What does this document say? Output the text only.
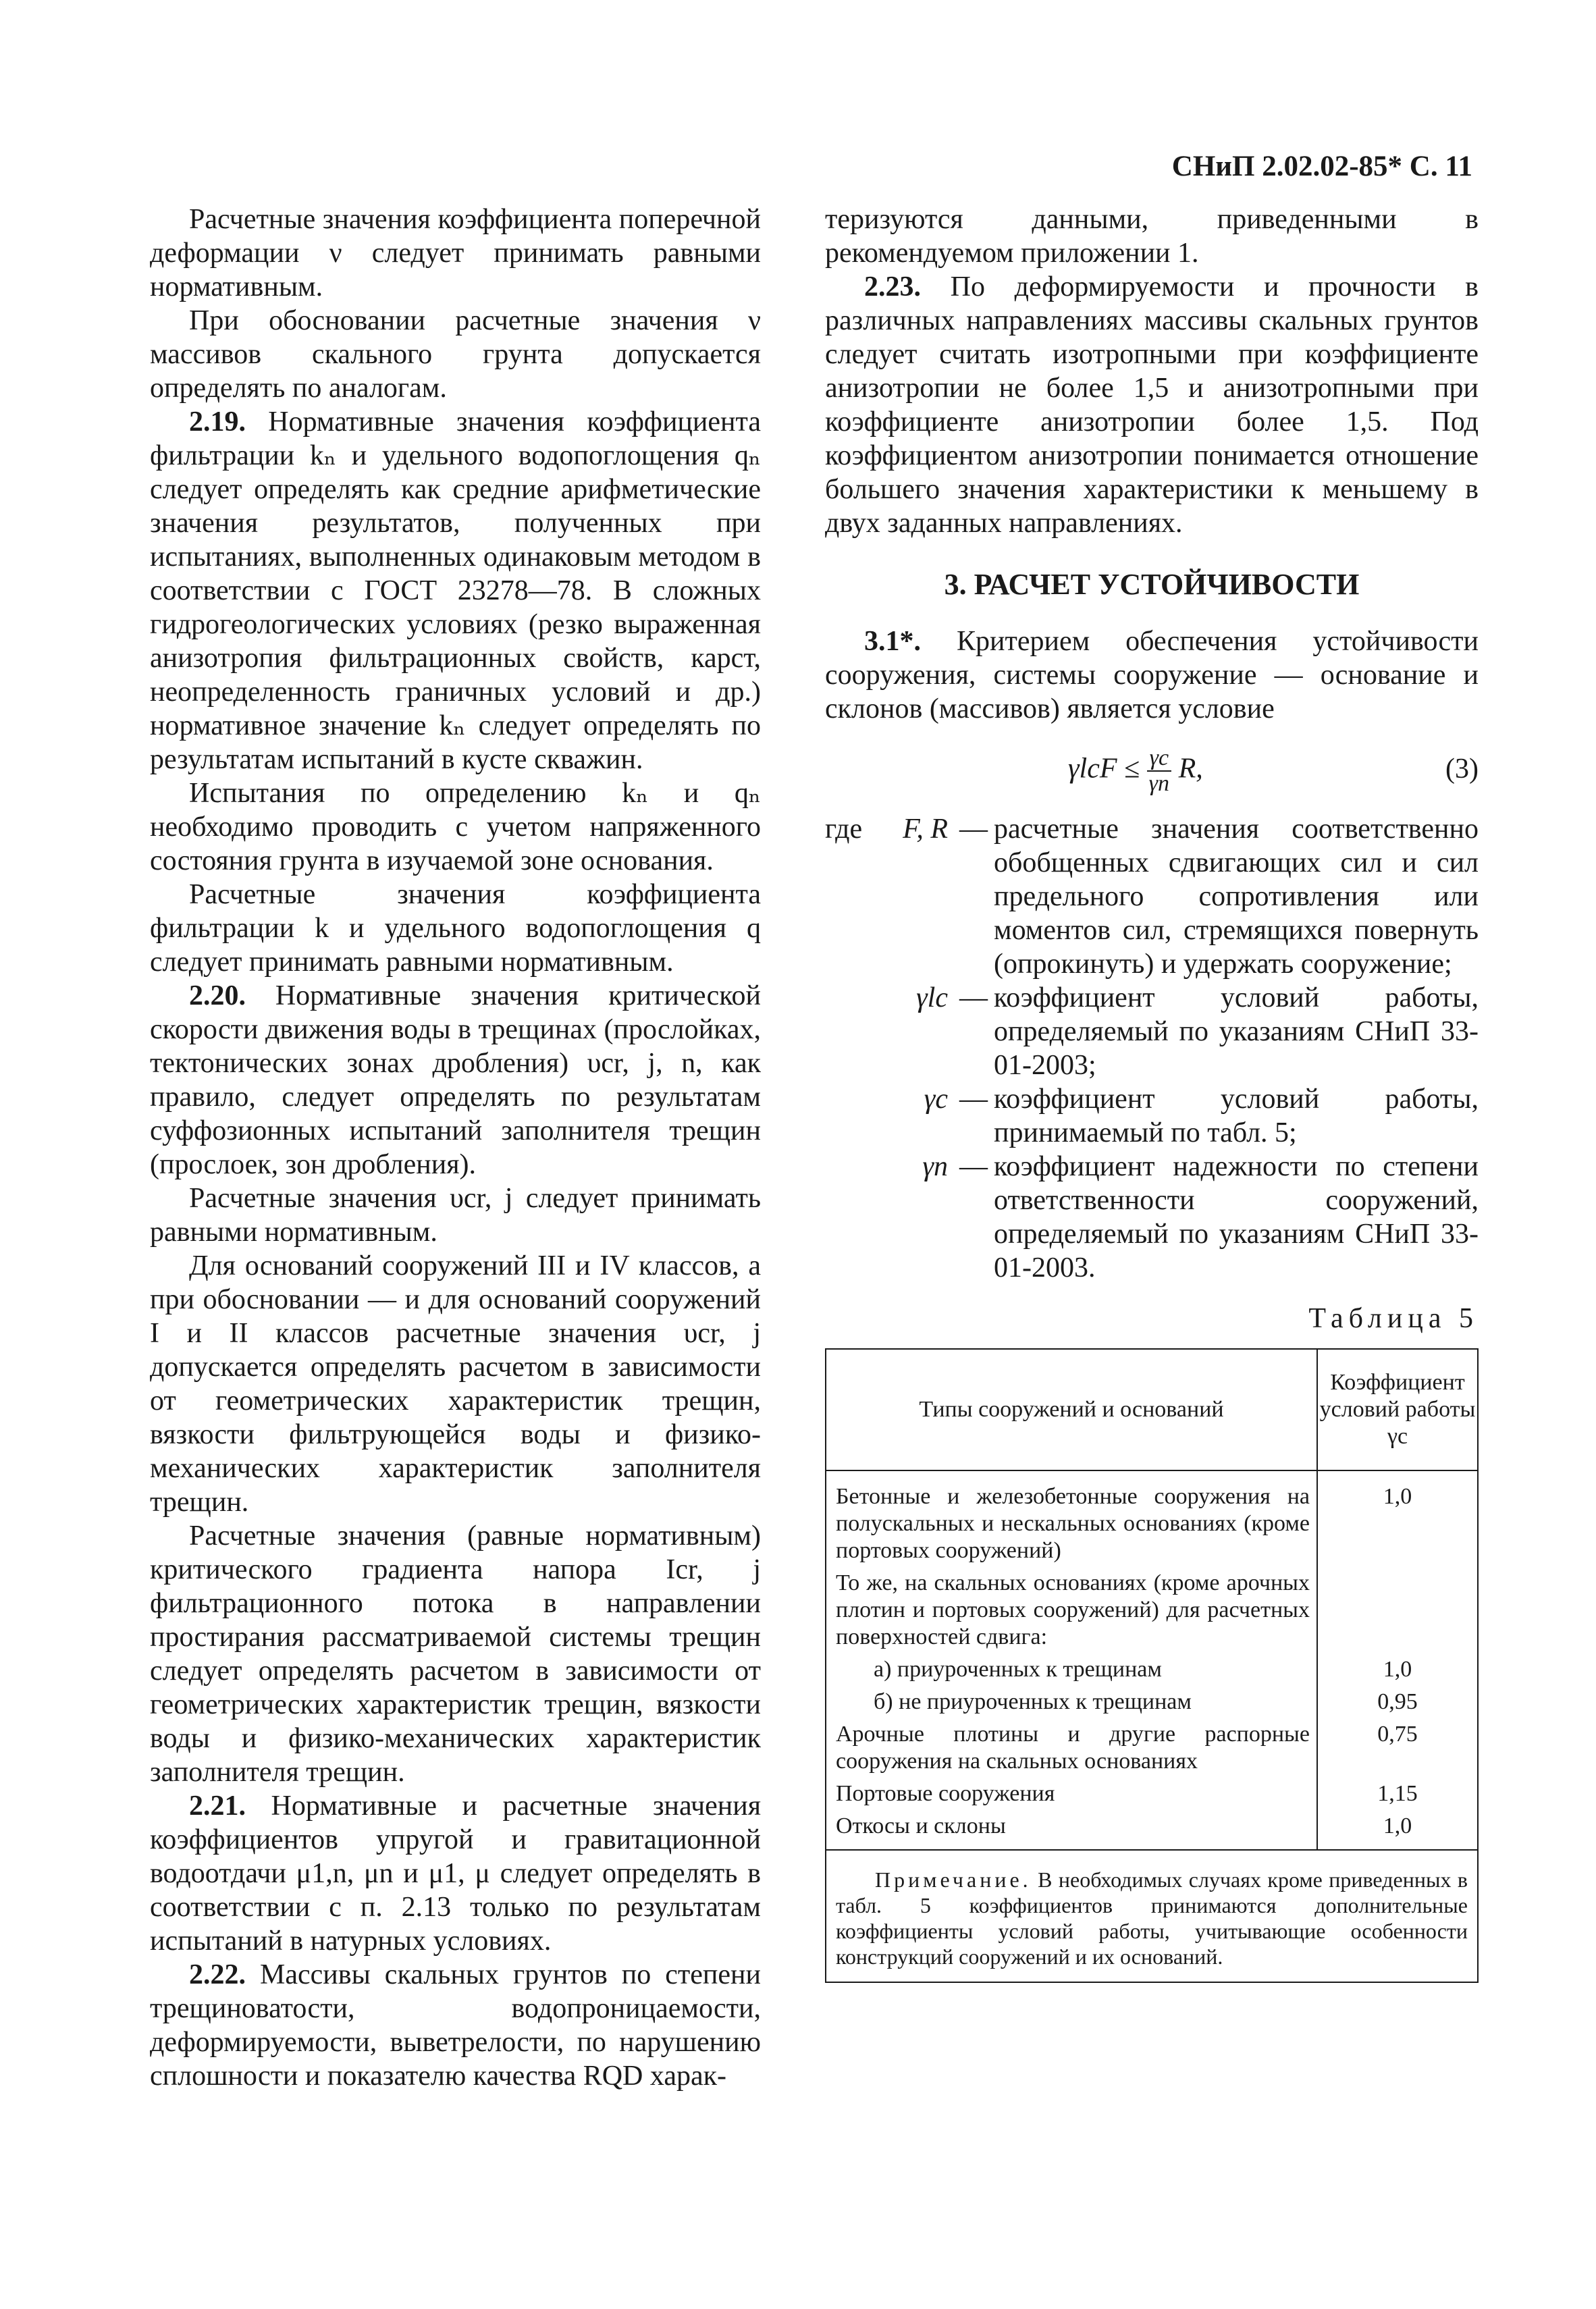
СНиП 2.02.02-85* С. 11

Расчетные значения коэффициента поперечной деформации ν следует принимать равными нормативным.

При обосновании расчетные значения ν массивов скального грунта допускается определять по аналогам.

2.19. Нормативные значения коэффициента фильтрации kₙ и удельного водопоглощения qₙ следует определять как средние арифметические значения результатов, полученных при испытаниях, выполненных одинаковым методом в соответствии с ГОСТ 23278—78. В сложных гидрогеологических условиях (резко выраженная анизотропия фильтрационных свойств, карст, неопределенность граничных условий и др.) нормативное значение kₙ следует определять по результатам испытаний в кусте скважин.

Испытания по определению kₙ и qₙ необходимо проводить с учетом напряженного состояния грунта в изучаемой зоне основания.

Расчетные значения коэффициента фильтрации k и удельного водопоглощения q следует принимать равными нормативным.

2.20. Нормативные значения критической скорости движения воды в трещинах (прослойках, тектонических зонах дробления) υcr, j, n, как правило, следует определять по результатам суффозионных испытаний заполнителя трещин (прослоек, зон дробления).

Расчетные значения υcr, j следует принимать равными нормативным.

Для оснований сооружений III и IV классов, а при обосновании — и для оснований сооружений I и II классов расчетные значения υcr, j допускается определять расчетом в зависимости от геометрических характеристик трещин, вязкости фильтрующейся воды и физико-механических характеристик заполнителя трещин.

Расчетные значения (равные нормативным) критического градиента напора Icr, j фильтрационного потока в направлении простирания рассматриваемой системы трещин следует определять расчетом в зависимости от геометрических характеристик трещин, вязкости воды и физико-механических характеристик заполнителя трещин.

2.21. Нормативные и расчетные значения коэффициентов упругой и гравитационной водоотдачи μ1,n, μn и μ1, μ следует определять в соответствии с п. 2.13 только по результатам испытаний в натурных условиях.

2.22. Массивы скальных грунтов по степени трещиноватости, водопроницаемости, деформируемости, выветрелости, по нарушению сплошности и показателю качества RQD харак-

теризуются данными, приведенными в рекомендуемом приложении 1.

2.23. По деформируемости и прочности в различных направлениях массивы скальных грунтов следует считать изотропными при коэффициенте анизотропии не более 1,5 и анизотропными при коэффициенте анизотропии более 1,5. Под коэффициентом анизотропии понимается отношение большего значения характеристики к меньшему в двух заданных направлениях.

3. РАСЧЕТ УСТОЙЧИВОСТИ

3.1*. Критерием обеспечения устойчивости сооружения, системы сооружение — основание и склонов (массивов) является условие

$\gamma lcF \le \frac{\gamma c}{\gamma n} R$,	(3)
где	F, R — расчетные значения соответственно обобщенных сдвигающих сил и сил предельного сопротивления или моментов сил, стремящихся повернуть (опрокинуть) и удержать сооружение;
γlc — коэффициент условий работы, определяемый по указаниям СНиП 33-01-2003;
γc — коэффициент условий работы, принимаемый по табл. 5;
γn — коэффициент надежности по степени ответственности сооружений, определяемый по указаниям СНиП 33-01-2003.
Таблица 5
Типы сооружений и оснований	Коэффициент условий работы γc
Бетонные и железобетонные сооружения на полускальных и нескальных основаниях (кроме портовых сооружений)	1,0
То же, на скальных основаниях (кроме арочных плотин и портовых сооружений) для расчетных поверхностей сдвига:	
а) приуроченных к трещинам	1,0
б) не приуроченных к трещинам	0,95
Арочные плотины и другие распорные сооружения на скальных основаниях	0,75
Портовые сооружения	1,15
Откосы и склоны	1,0
Примечание. В необходимых случаях кроме приведенных в табл. 5 коэффициентов принимаются дополнительные коэффициенты условий работы, учитывающие особенности конструкций сооружений и их оснований.	
